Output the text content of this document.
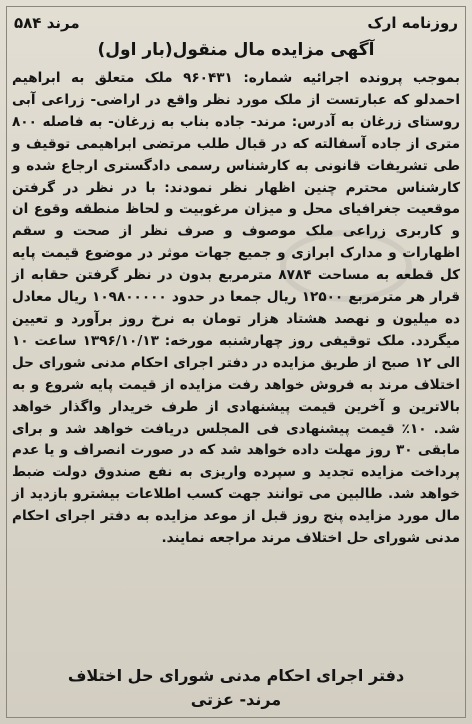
روزنامه ارک
مرند ۵۸۴
آگهی مزایده مال منقول(بار اول)

بموجب پرونده اجرائیه شماره: ۹۶۰۴۳۱ ملک متعلق به ابراهیم احمدلو که عبارتست از ملک مورد نظر واقع در اراضی- زراعی آبی روستای زرغان به آدرس: مرند- جاده بناب به زرغان- به فاصله ۸۰۰ متری از جاده آسفالته که در قبال طلب مرتضی ابراهیمی توقیف و طی تشریفات قانونی به کارشناس رسمی دادگستری ارجاع شده و کارشناس محترم چنین اظهار نظر نمودند: با در نظر در گرفتن موقعیت جغرافیای محل و میزان مرغوبیت و لحاظ منطقه وقوع ان و کاربری زراعی ملک موصوف و صرف نظر از صحت و سقم اظهارات و مدارک ابرازی و جمیع جهات موثر در موضوع قیمت پایه کل قطعه به مساحت ۸۷۸۴ مترمربع بدون در نظر گرفتن حقابه از قرار هر مترمربع ۱۲۵۰۰ ریال جمعا در حدود ۱۰۹۸۰۰۰۰۰ ریال معادل ده میلیون و نهصد هشتاد هزار تومان به نرخ روز برآورد و تعیین میگردد. ملک توقیفی روز چهارشنبه مورخه: ۱۳۹۶/۱۰/۱۳ ساعت ۱۰ الی ۱۲ صبح از طریق مزایده در دفتر اجرای احکام مدنی شورای حل اختلاف مرند به فروش خواهد رفت مزایده از قیمت پایه شروع و به بالاترین و آخرین قیمت پیشنهادی از طرف خریدار واگذار خواهد شد. ۱۰٪ قیمت پیشنهادی فی المجلس دریافت خواهد شد و برای مابقی ۳۰ روز مهلت داده خواهد شد که در صورت انصراف و یا عدم پرداخت مزایده تجدید و سپرده واریزی به نفع صندوق دولت ضبط خواهد شد. طالبین می توانند جهت کسب اطلاعات بیشترو بازدید از مال مورد مزایده پنج روز قبل از موعد مزایده به دفتر اجرای احکام مدنی شورای حل اختلاف مرند مراجعه نمایند.

دفتر اجرای احکام مدنی شورای حل اختلاف
مرند- عزتی
